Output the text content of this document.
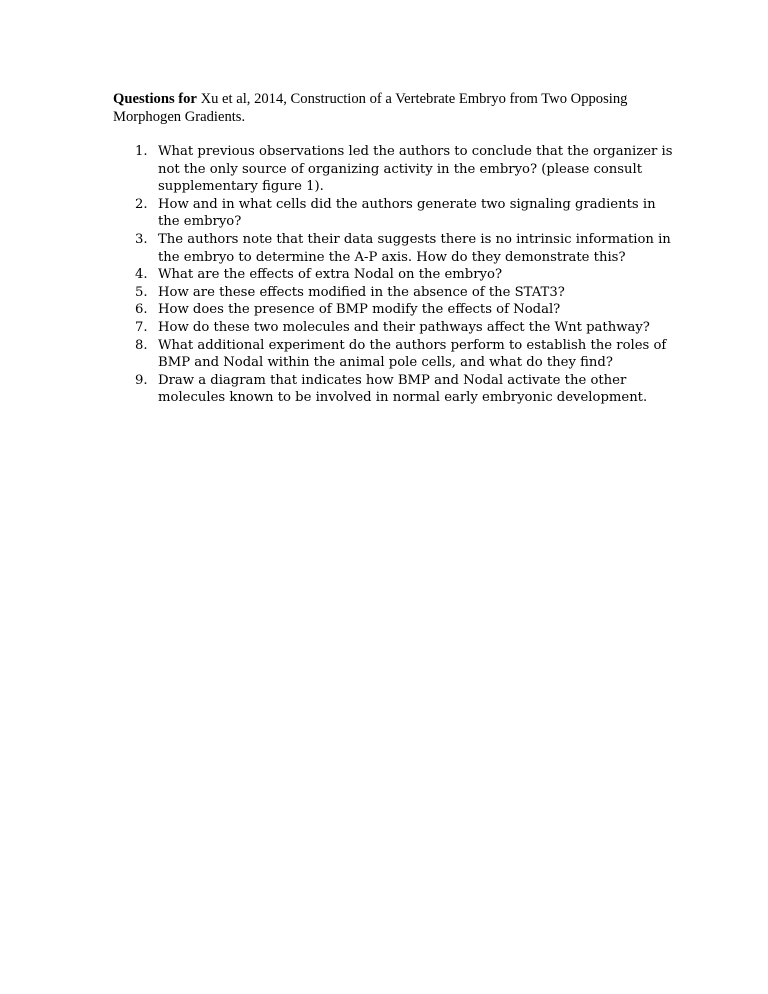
Questions for Xu et al, 2014, Construction of a Vertebrate Embryo from Two Opposing Morphogen Gradients.

1. What previous observations led the authors to conclude that the organizer is not the only source of organizing activity in the embryo? (please consult supplementary figure 1).
2. How and in what cells did the authors generate two signaling gradients in the embryo?
3. The authors note that their data suggests there is no intrinsic information in the embryo to determine the A-P axis. How do they demonstrate this?
4. What are the effects of extra Nodal on the embryo?
5. How are these effects modified in the absence of the STAT3?
6. How does the presence of BMP modify the effects of Nodal?
7. How do these two molecules and their pathways affect the Wnt pathway?
8. What additional experiment do the authors perform to establish the roles of BMP and Nodal within the animal pole cells, and what do they find?
9. Draw a diagram that indicates how BMP and Nodal activate the other molecules known to be involved in normal early embryonic development.
